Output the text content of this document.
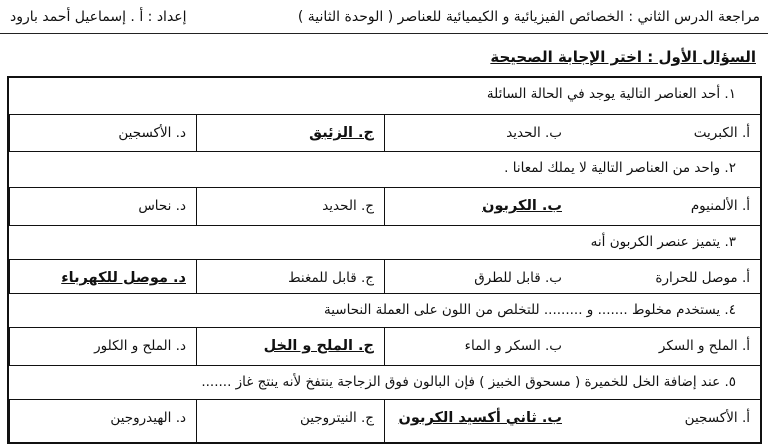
مراجعة الدرس الثاني : الخصائص الفيزيائية و الكيميائية للعناصر ( الوحدة الثانية )
إعداد : أ . إسماعيل أحمد بارود
السؤال الأول : اختر الإجابة الصحيحة
١. أحد العناصر التالية يوجد في الحالة السائلة
أ. الكبريت
ب. الحديد
ج. الزئبق
د. الأكسجين
٢. واحد من العناصر التالية لا يملك لمعانا .
أ. الألمنيوم
ب. الكربون
ج. الحديد
د. نحاس
٣. يتميز عنصر الكربون أنه
أ. موصل للحرارة
ب. قابل للطرق
ج. قابل للمغنط
د. موصل للكهرباء
٤. يستخدم مخلوط ....... و ......... للتخلص من اللون على العملة النحاسية
أ. الملح و السكر
ب. السكر و الماء
ج. الملح و الخل
د. الملح و الكلور
٥. عند إضافة الخل للخميرة ( مسحوق الخبيز ) فإن البالون فوق الزجاجة ينتفخ لأنه ينتج غاز .......
أ. الأكسجين
ب. ثاني أكسيد الكربون
ج. النيتروجين
د. الهيدروجين
